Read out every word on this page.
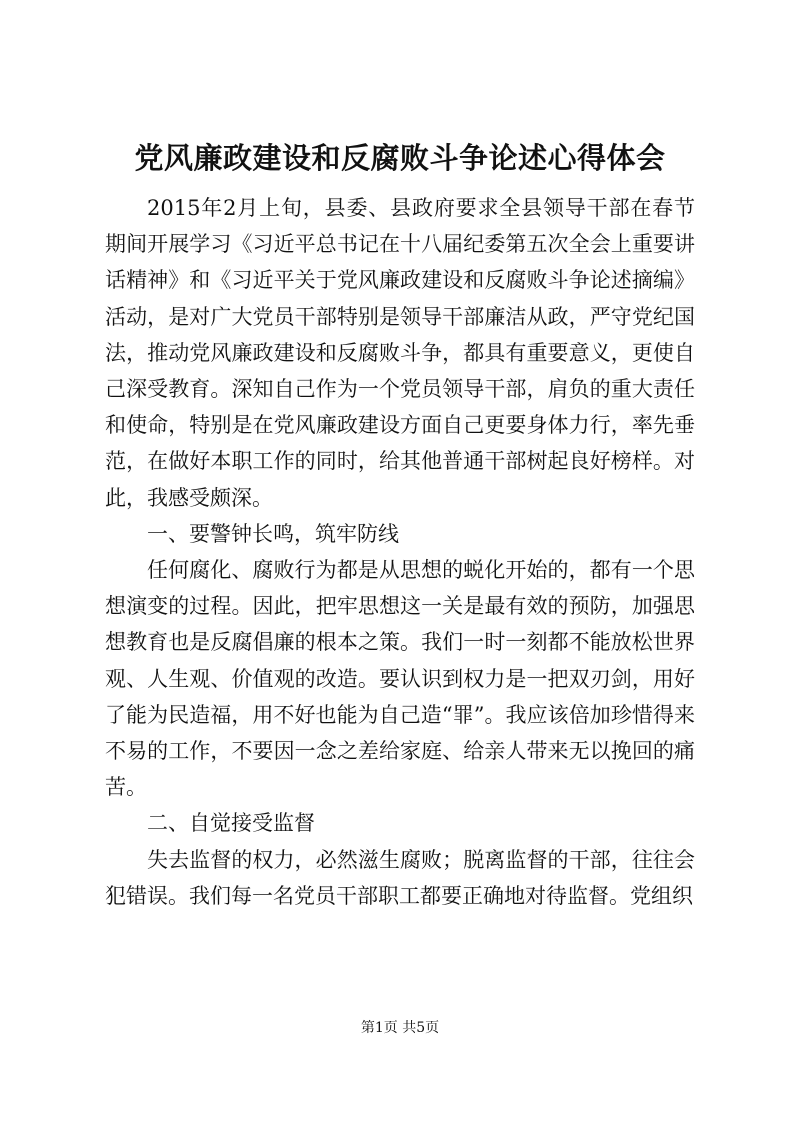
党风廉政建设和反腐败斗争论述心得体会

2015年2月上旬，县委、县政府要求全县领导干部在春节期间开展学习《习近平总书记在十八届纪委第五次全会上重要讲话精神》和《习近平关于党风廉政建设和反腐败斗争论述摘编》活动，是对广大党员干部特别是领导干部廉洁从政，严守党纪国法，推动党风廉政建设和反腐败斗争，都具有重要意义，更使自己深受教育。深知自己作为一个党员领导干部，肩负的重大责任和使命，特别是在党风廉政建设方面自己更要身体力行，率先垂范，在做好本职工作的同时，给其他普通干部树起良好榜样。对此，我感受颇深。

一、要警钟长鸣，筑牢防线

任何腐化、腐败行为都是从思想的蜕化开始的，都有一个思想演变的过程。因此，把牢思想这一关是最有效的预防，加强思想教育也是反腐倡廉的根本之策。我们一时一刻都不能放松世界观、人生观、价值观的改造。要认识到权力是一把双刃剑，用好了能为民造福，用不好也能为自己造“罪”。我应该倍加珍惜得来不易的工作，不要因一念之差给家庭、给亲人带来无以挽回的痛苦。

二、自觉接受监督

失去监督的权力，必然滋生腐败；脱离监督的干部，往往会犯错误。我们每一名党员干部职工都要正确地对待监督。党组织

第1页 共5页
